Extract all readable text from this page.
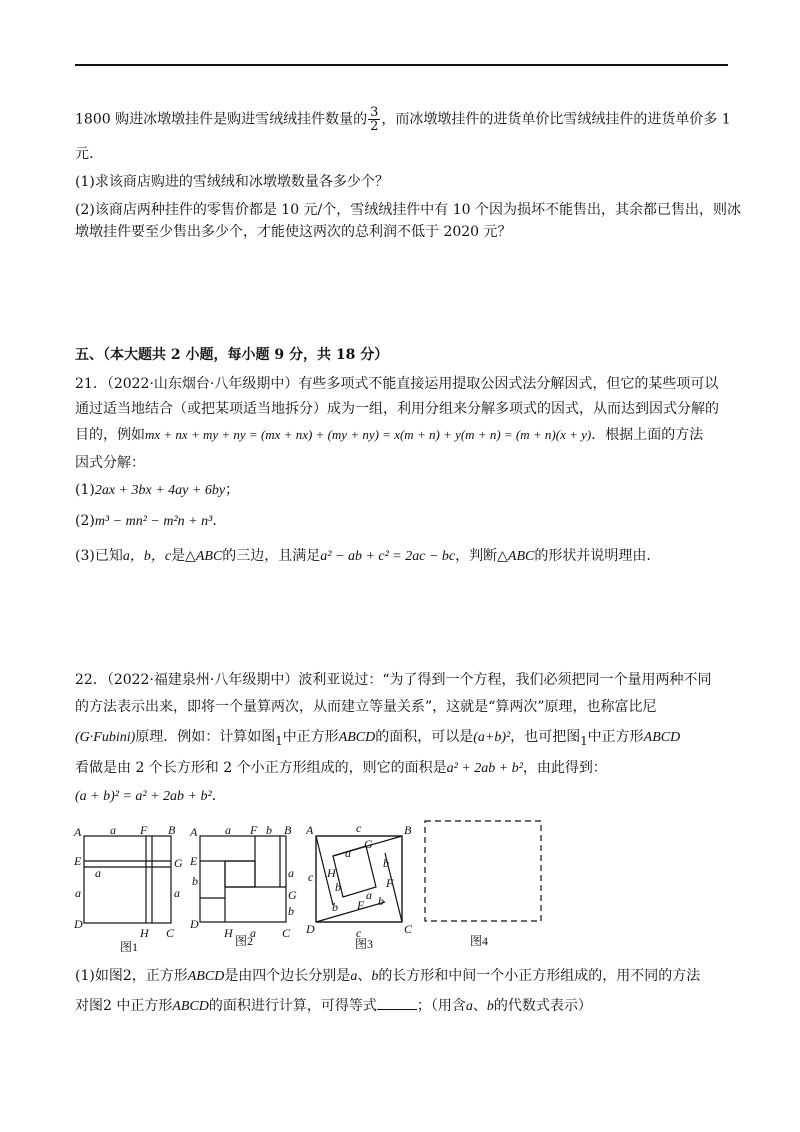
1800 购进冰墩墩挂件是购进雪绒绒挂件数量的 $\frac{3}{2}$ ，而冰墩墩挂件的进货单价比雪绒绒挂件的进货单价多 1
元.
(1)求该商店购进的雪绒绒和冰墩墩数量各多少个？
(2)该商店两种挂件的零售价都是 10 元/个，雪绒绒挂件中有 10 个因为损坏不能售出，其余都已售出，则冰
墩墩挂件要至少售出多少个，才能使这两次的总利润不低于 2020 元？
五、（本大题共 2 小题，每小题 9 分，共 18 分）
21．（2022·山东烟台·八年级期中）有些多项式不能直接运用提取公因式法分解因式，但它的某些项可以
通过适当地结合（或把某项适当地拆分）成为一组，利用分组来分解多项式的因式，从而达到因式分解的
目的，例如mx + nx + my + ny = (mx + nx) + (my + ny) = x(m + n) + y(m + n) = (m + n)(x + y)．根据上面的方法
因式分解：
(1)2ax + 3bx + 4ay + 6by；
(2)m³ − mn² − m²n + n³.
(3)已知a，b，c是△ABC的三边，且满足a² − ab + c² = 2ac − bc，判断△ABC的形状并说明理由.
22．（2022·福建泉州·八年级期中）波利亚说过：“为了得到一个方程，我们必须把同一个量用两种不同
的方法表示出来，即将一个量算两次，从而建立等量关系”，这就是“算两次”原理，也称富比尼
(G·Fubini)原理．例如：计算如图$_1$中正方形ABCD的面积，可以是(a+b)²，也可把图$_1$中正方形ABCD
看做是由 2 个长方形和 2 个小正方形组成的，则它的面积是a² + 2ab + b²，由此得到：
(a + b)² = a² + 2ab + b²．
A	F B
E	G
D
H C
a
a
a	a
A	F B
E
G
D
H	C
a	b
b
a
b
a
A	B
C
D
E
F
G
H
c
c
c
a
b
b
b
a b
图1	图2	图3	图4
(1)如图2，正方形ABCD是由四个边长分别是a、b的长方形和中间一个小正方形组成的，用不同的方法
对图2 中正方形ABCD的面积进行计算，可得等式	；（用含a、b的代数式表示）
